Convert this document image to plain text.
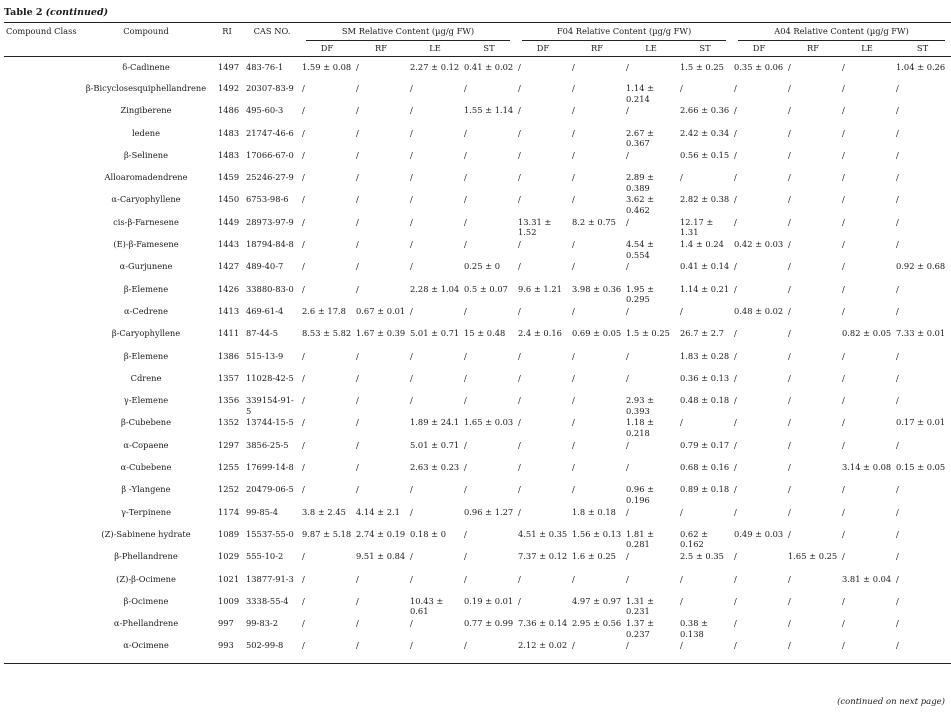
Table 2 (continued)
Compound Class	Compound	RI	CAS NO.	SM Relative Content (µg/g FW)				F04 Relative Content (µg/g FW)				A04 Relative Content (µg/g FW)			

				DF	RF	LE	ST	DF	RF	LE	ST	DF	RF	LE	ST
	δ-Cadinene	1497	483-76-1	1.59 ± 0.08	/	2.27 ± 0.12	0.41 ± 0.02	/	/	/	1.5 ± 0.25	0.35 ± 0.06	/	/	1.04 ± 0.26
	β-Bicyclosesquiphellandrene	1492	20307-83-9	/	/	/	/	/	/	1.14 ± 0.214	/	/	/	/	/
	Zingiberene	1486	495-60-3	/	/	/	1.55 ± 1.14	/	/	/	2.66 ± 0.36	/	/	/	/
	ledene	1483	21747-46-6	/	/	/	/	/	/	2.67 ± 0.367	2.42 ± 0.34	/	/	/	/
	β-Selinene	1483	17066-67-0	/	/	/	/	/	/	/	0.56 ± 0.15	/	/	/	/
	Alloaromadendrene	1459	25246-27-9	/	/	/	/	/	/	2.89 ± 0.389	/	/	/	/	/
	α-Caryophyllene	1450	6753-98-6	/	/	/	/	/	/	3.62 ± 0.462	2.82 ± 0.38	/	/	/	/
	cis-β-Farnesene	1449	28973-97-9	/	/	/	/	13.31 ± 1.52	8.2 ± 0.75	/	12.17 ± 1.31	/	/	/	/
	(E)-β-Famesene	1443	18794-84-8	/	/	/	/	/	/	4.54 ± 0.554	1.4 ± 0.24	0.42 ± 0.03	/	/	/
	α-Gurjunene	1427	489-40-7	/	/	/	0.25 ± 0	/	/	/	0.41 ± 0.14	/	/	/	0.92 ± 0.68
	β-Elemene	1426	33880-83-0	/	/	2.28 ± 1.04	0.5 ± 0.07	9.6 ± 1.21	3.98 ± 0.36	1.95 ± 0.295	1.14 ± 0.21	/	/	/	/
	α-Cedrene	1413	469-61-4	2.6 ± 17.8	0.67 ± 0.01	/	/	/	/	/	/	0.48 ± 0.02	/	/	/
	β-Caryophyllene	1411	87-44-5	8.53 ± 5.82	1.67 ± 0.39	5.01 ± 0.71	15 ± 0.48	2.4 ± 0.16	0.69 ± 0.05	1.5 ± 0.25	26.7 ± 2.7	/	/	0.82 ± 0.05	7.33 ± 0.01
	β-Elemene	1386	515-13-9	/	/	/	/	/	/	/	1.83 ± 0.28	/	/	/	/
	Cdrene	1357	11028-42-5	/	/	/	/	/	/	/	0.36 ± 0.13	/	/	/	/
	γ-Elemene	1356	339154-91-5	/	/	/	/	/	/	2.93 ± 0.393	0.48 ± 0.18	/	/	/	/
	β-Cubebene	1352	13744-15-5	/	/	1.89 ± 24.1	1.65 ± 0.03	/	/	1.18 ± 0.218	/	/	/	/	0.17 ± 0.01
	α-Copaene	1297	3856-25-5	/	/	5.01 ± 0.71	/	/	/	/	0.79 ± 0.17	/	/	/	/
	α-Cubebene	1255	17699-14-8	/	/	2.63 ± 0.23	/	/	/	/	0.68 ± 0.16	/	/	3.14 ± 0.08	0.15 ± 0.05
	β -Ylangene	1252	20479-06-5	/	/	/	/	/	/	0.96 ± 0.196	0.89 ± 0.18	/	/	/	/
	γ-Terpinene	1174	99-85-4	3.8 ± 2.45	4.14 ± 2.1	/	0.96 ± 1.27	/	1.8 ± 0.18	/	/	/	/	/	/
	(Z)-Sabinene hydrate	1089	15537-55-0	9.87 ± 5.18	2.74 ± 0.19	0.18 ± 0	/	4.51 ± 0.35	1.56 ± 0.13	1.81 ± 0.281	0.62 ± 0.162	0.49 ± 0.03	/	/	/
	β-Phellandrene	1029	555-10-2	/	9.51 ± 0.84	/	/	7.37 ± 0.12	1.6 ± 0.25	/	2.5 ± 0.35	/	1.65 ± 0.25	/	/
	(Z)-β-Ocimene	1021	13877-91-3	/	/	/	/	/	/	/	/	/	/	3.81 ± 0.04	/
	β-Ocimene	1009	3338-55-4	/	/	10.43 ± 0.61	0.19 ± 0.01	/	4.97 ± 0.97	1.31 ± 0.231	/	/	/	/	/
	α-Phellandrene	997	99-83-2	/	/	/	0.77 ± 0.99	7.36 ± 0.14	2.95 ± 0.56	1.37 ± 0.237	0.38 ± 0.138	/	/	/	/
	α-Ocimene	993	502-99-8	/	/	/	/	2.12 ± 0.02	/	/	/	/	/	/	/
(continued on next page)
